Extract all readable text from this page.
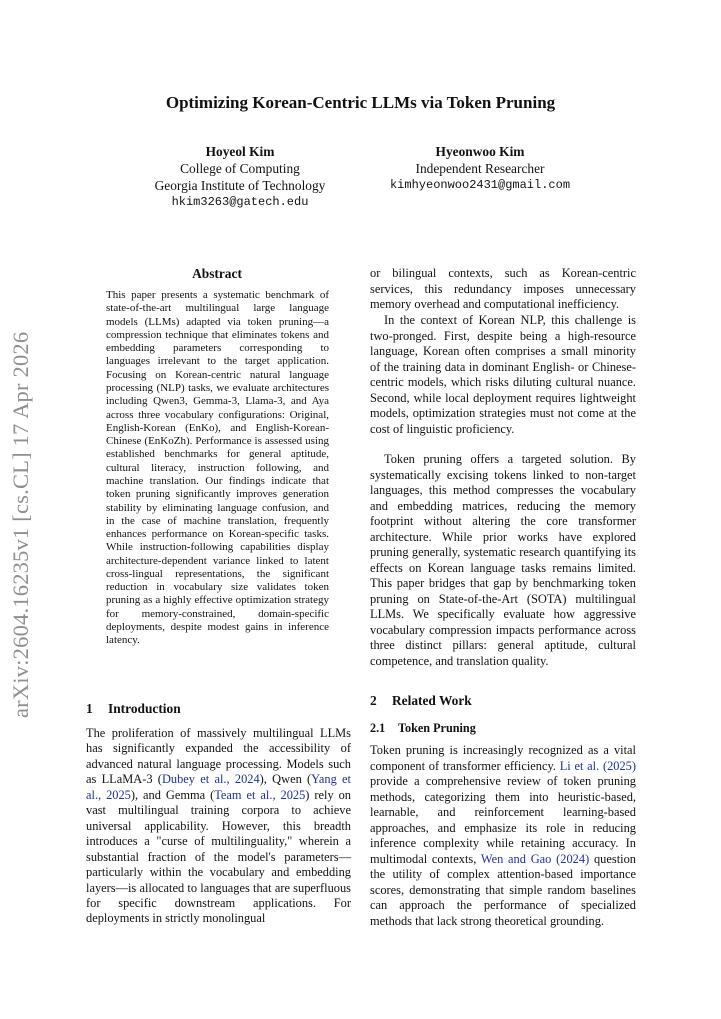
arXiv:2604.16235v1 [cs.CL] 17 Apr 2026
Optimizing Korean-Centric LLMs via Token Pruning
Hoyeol Kim
College of Computing
Georgia Institute of Technology
hkim3263@gatech.edu
Hyeonwoo Kim
Independent Researcher
kimhyeonwoo2431@gmail.com
Abstract

This paper presents a systematic benchmark of state-of-the-art multilingual large language models (LLMs) adapted via token pruning—a compression technique that eliminates tokens and embedding parameters corresponding to languages irrelevant to the target application. Focusing on Korean-centric natural language processing (NLP) tasks, we evaluate architectures including Qwen3, Gemma-3, Llama-3, and Aya across three vocabulary configurations: Original, English-Korean (EnKo), and English-Korean-Chinese (EnKoZh). Performance is assessed using established benchmarks for general aptitude, cultural literacy, instruction following, and machine translation. Our findings indicate that token pruning significantly improves generation stability by eliminating language confusion, and in the case of machine translation, frequently enhances performance on Korean-specific tasks. While instruction-following capabilities display architecture-dependent variance linked to latent cross-lingual representations, the significant reduction in vocabulary size validates token pruning as a highly effective optimization strategy for memory-constrained, domain-specific deployments, despite modest gains in inference latency.

1 Introduction

The proliferation of massively multilingual LLMs has significantly expanded the accessibility of advanced natural language processing. Models such as LLaMA-3 (Dubey et al., 2024), Qwen (Yang et al., 2025), and Gemma (Team et al., 2025) rely on vast multilingual training corpora to achieve universal applicability. However, this breadth introduces a "curse of multilinguality," wherein a substantial fraction of the model's parameters—particularly within the vocabulary and embedding layers—is allocated to languages that are superfluous for specific downstream applications. For deployments in strictly monolingual

or bilingual contexts, such as Korean-centric services, this redundancy imposes unnecessary memory overhead and computational inefficiency.

In the context of Korean NLP, this challenge is two-pronged. First, despite being a high-resource language, Korean often comprises a small minority of the training data in dominant English- or Chinese-centric models, which risks diluting cultural nuance. Second, while local deployment requires lightweight models, optimization strategies must not come at the cost of linguistic proficiency.

Token pruning offers a targeted solution. By systematically excising tokens linked to non-target languages, this method compresses the vocabulary and embedding matrices, reducing the memory footprint without altering the core transformer architecture. While prior works have explored pruning generally, systematic research quantifying its effects on Korean language tasks remains limited. This paper bridges that gap by benchmarking token pruning on State-of-the-Art (SOTA) multilingual LLMs. We specifically evaluate how aggressive vocabulary compression impacts performance across three distinct pillars: general aptitude, cultural competence, and translation quality.

2 Related Work
2.1 Token Pruning

Token pruning is increasingly recognized as a vital component of transformer efficiency. Li et al. (2025) provide a comprehensive review of token pruning methods, categorizing them into heuristic-based, learnable, and reinforcement learning-based approaches, and emphasize its role in reducing inference complexity while retaining accuracy. In multimodal contexts, Wen and Gao (2024) question the utility of complex attention-based importance scores, demonstrating that simple random baselines can approach the performance of specialized methods that lack strong theoretical grounding.
